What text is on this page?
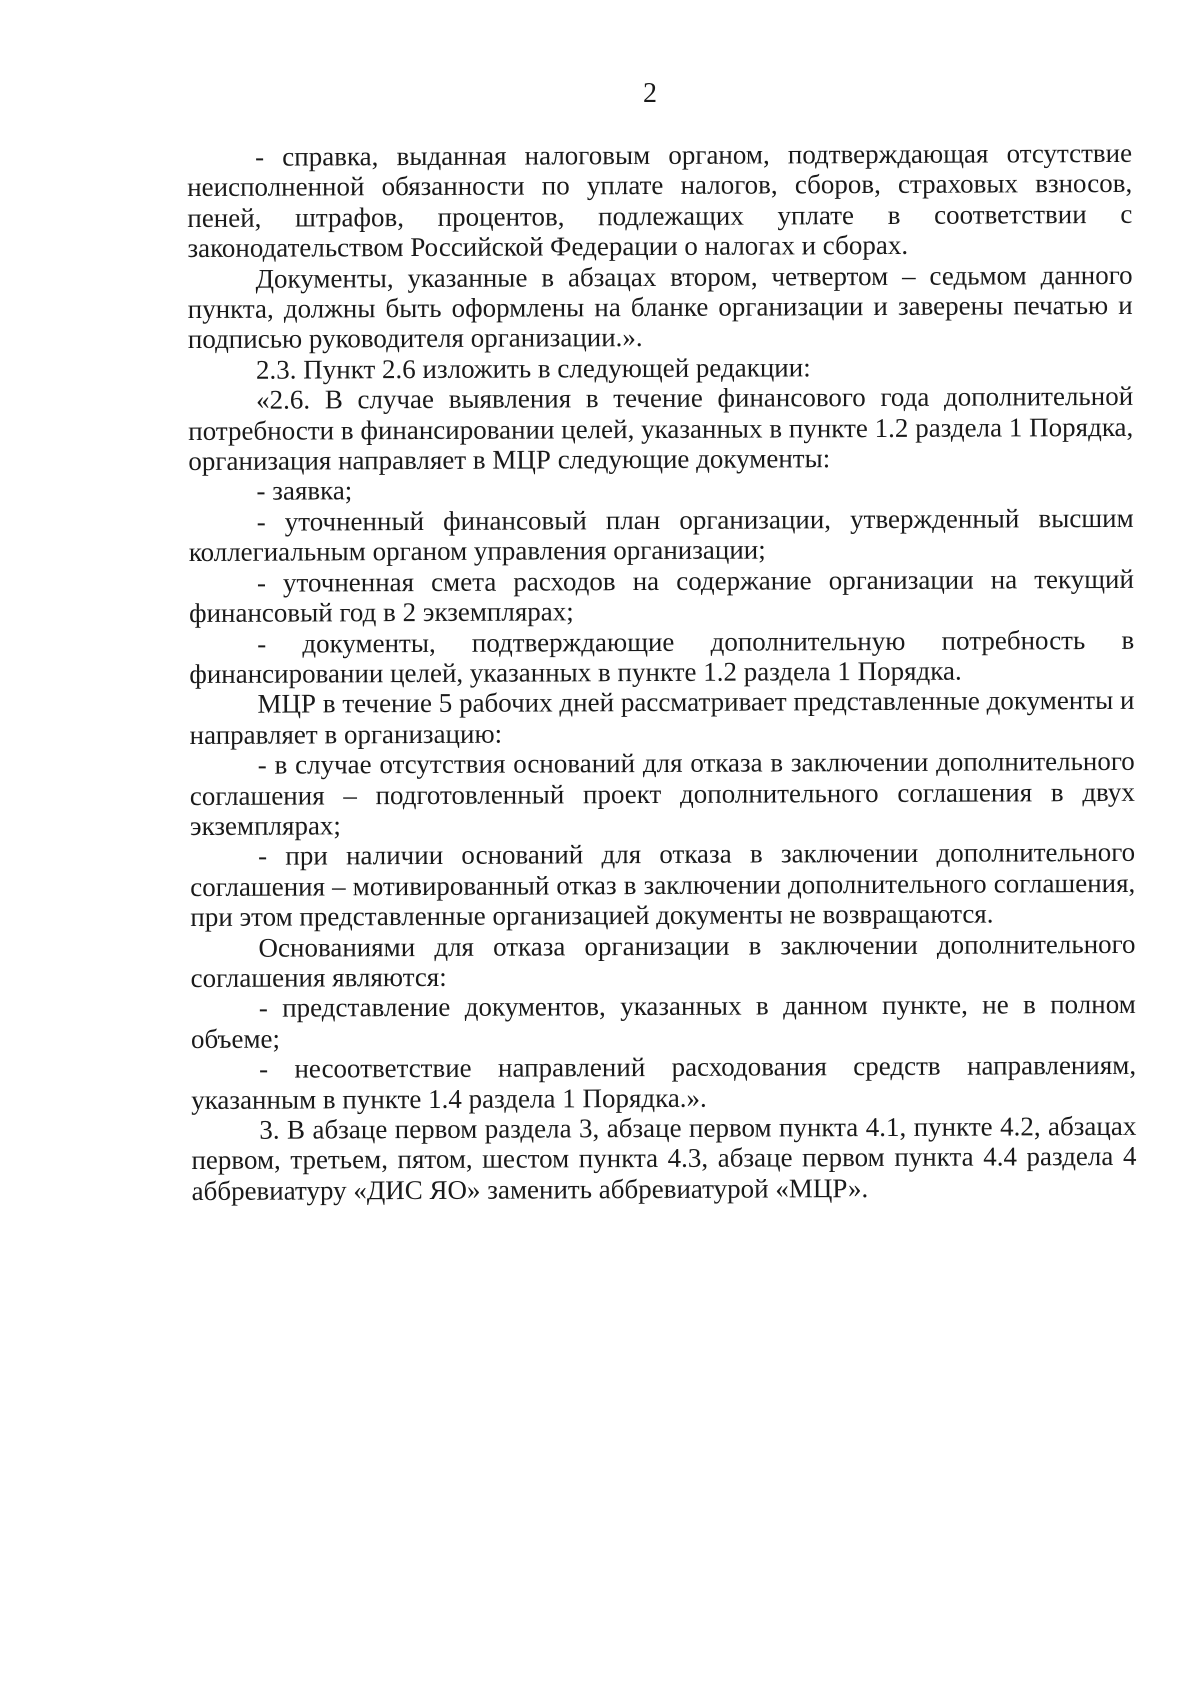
2

- справка, выданная налоговым органом, подтверждающая отсутствие неисполненной обязанности по уплате налогов, сборов, страховых взносов, пеней, штрафов, процентов, подлежащих уплате в соответствии с законодательством Российской Федерации о налогах и сборах.

Документы, указанные в абзацах втором, четвертом – седьмом данного пункта, должны быть оформлены на бланке организации и заверены печатью и подписью руководителя организации.».

2.3. Пункт 2.6 изложить в следующей редакции:

«2.6. В случае выявления в течение финансового года дополнительной потребности в финансировании целей, указанных в пункте 1.2 раздела 1 Порядка, организация направляет в МЦР следующие документы:

- заявка;

- уточненный финансовый план организации, утвержденный высшим коллегиальным органом управления организации;

- уточненная смета расходов на содержание организации на текущий финансовый год в 2 экземплярах;

- документы, подтверждающие дополнительную потребность в финансировании целей, указанных в пункте 1.2 раздела 1 Порядка.

МЦР в течение 5 рабочих дней рассматривает представленные документы и направляет в организацию:

- в случае отсутствия оснований для отказа в заключении дополнительного соглашения – подготовленный проект дополнительного соглашения в двух экземплярах;

- при наличии оснований для отказа в заключении дополнительного соглашения – мотивированный отказ в заключении дополнительного соглашения, при этом представленные организацией документы не возвращаются.

Основаниями для отказа организации в заключении дополнительного соглашения являются:

- представление документов, указанных в данном пункте, не в полном объеме;

- несоответствие направлений расходования средств направлениям, указанным в пункте 1.4 раздела 1 Порядка.».

3. В абзаце первом раздела 3, абзаце первом пункта 4.1, пункте 4.2, абзацах первом, третьем, пятом, шестом пункта 4.3, абзаце первом пункта 4.4 раздела 4 аббревиатуру «ДИС ЯО» заменить аббревиатурой «МЦР».
